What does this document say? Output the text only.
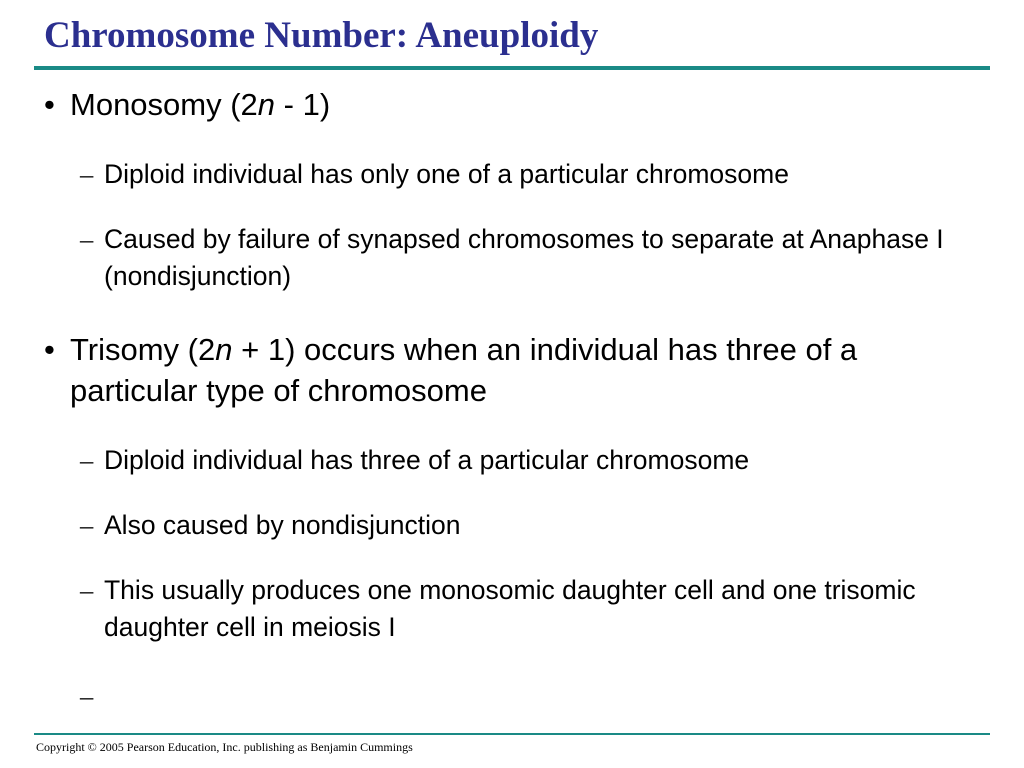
Chromosome Number: Aneuploidy
• Monosomy (2n - 1)
– Diploid individual has only one of a particular chromosome
– Caused by failure of synapsed chromosomes to separate at Anaphase I (nondisjunction)
• Trisomy (2n + 1) occurs when an individual has three of a particular type of chromosome
– Diploid individual has three of a particular chromosome
– Also caused by nondisjunction
– This usually produces one monosomic daughter cell and one trisomic daughter cell in meiosis I
–
Copyright © 2005 Pearson Education, Inc. publishing as Benjamin Cummings
